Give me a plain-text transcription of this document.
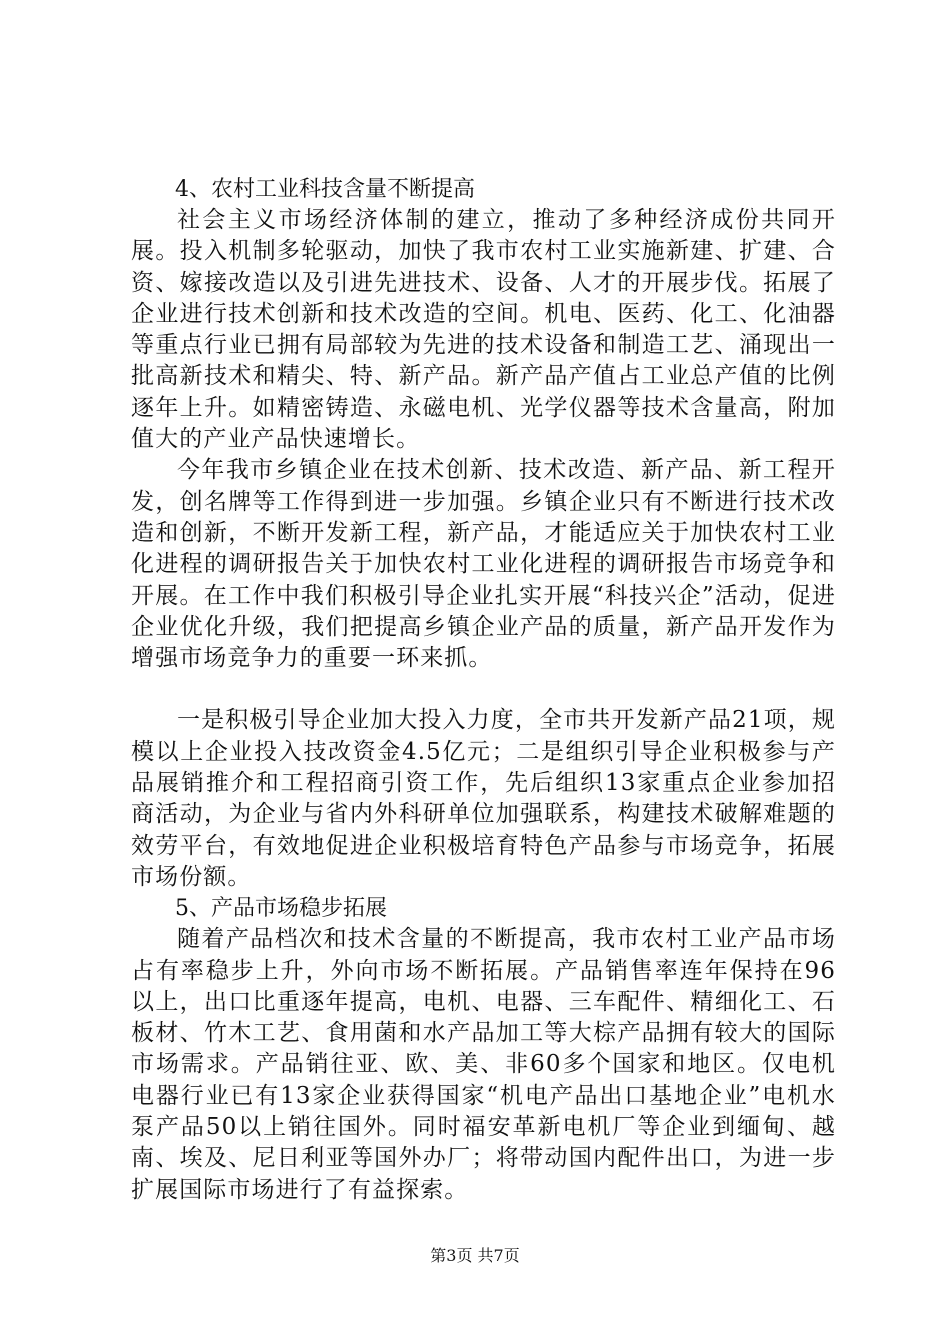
4、农村工业科技含量不断提高

社会主义市场经济体制的建立，推动了多种经济成份共同开展。投入机制多轮驱动，加快了我市农村工业实施新建、扩建、合资、嫁接改造以及引进先进技术、设备、人才的开展步伐。拓展了企业进行技术创新和技术改造的空间。机电、医药、化工、化油器等重点行业已拥有局部较为先进的技术设备和制造工艺、涌现出一批高新技术和精尖、特、新产品。新产品产值占工业总产值的比例逐年上升。如精密铸造、永磁电机、光学仪器等技术含量高，附加值大的产业产品快速增长。

今年我市乡镇企业在技术创新、技术改造、新产品、新工程开发，创名牌等工作得到进一步加强。乡镇企业只有不断进行技术改造和创新，不断开发新工程，新产品，才能适应关于加快农村工业化进程的调研报告关于加快农村工业化进程的调研报告市场竞争和开展。在工作中我们积极引导企业扎实开展“科技兴企”活动，促进企业优化升级，我们把提高乡镇企业产品的质量，新产品开发作为增强市场竞争力的重要一环来抓。

一是积极引导企业加大投入力度，全市共开发新产品21项，规模以上企业投入技改资金4.5亿元；二是组织引导企业积极参与产品展销推介和工程招商引资工作，先后组织13家重点企业参加招商活动，为企业与省内外科研单位加强联系，构建技术破解难题的效劳平台，有效地促进企业积极培育特色产品参与市场竞争，拓展市场份额。

5、产品市场稳步拓展

随着产品档次和技术含量的不断提高，我市农村工业产品市场占有率稳步上升，外向市场不断拓展。产品销售率连年保持在96以上，出口比重逐年提高，电机、电器、三车配件、精细化工、石板材、竹木工艺、食用菌和水产品加工等大棕产品拥有较大的国际市场需求。产品销往亚、欧、美、非60多个国家和地区。仅电机电器行业已有13家企业获得国家“机电产品出口基地企业”电机水泵产品50以上销往国外。同时福安革新电机厂等企业到缅甸、越南、埃及、尼日利亚等国外办厂；将带动国内配件出口，为进一步扩展国际市场进行了有益探索。

第3页 共7页
